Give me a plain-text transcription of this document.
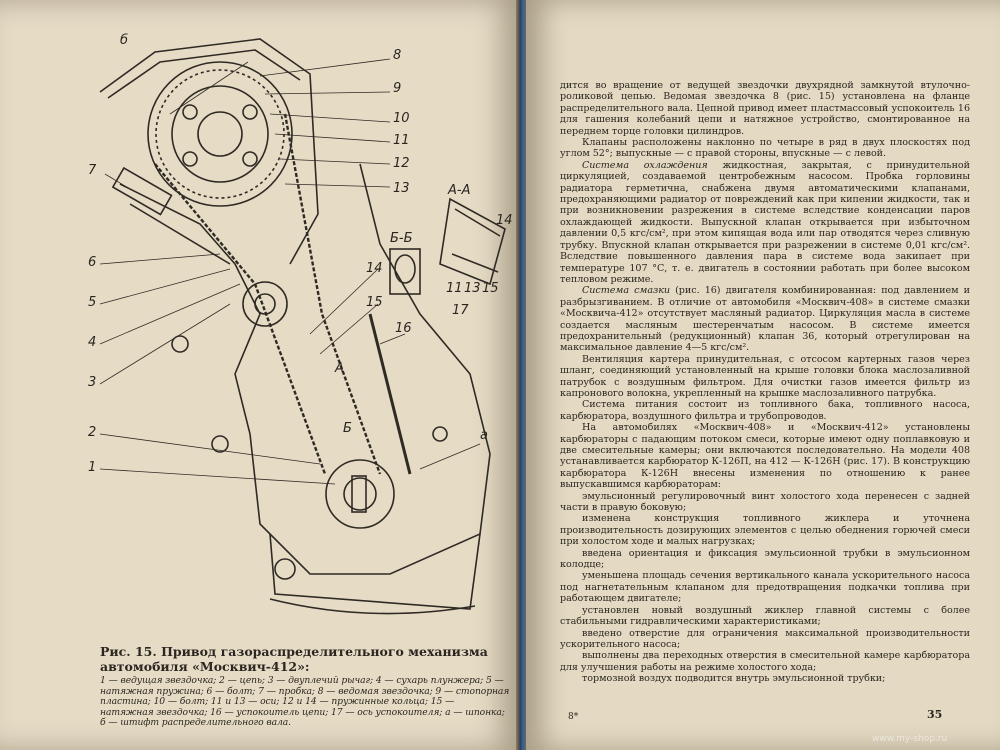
б
8
9
10
11
12
13
7
6
5
4
3
2
1
А-А
Б-Б
14
15
16
17
а
11 13 15
14
А
Б
Рис. 15. Привод газораспределительного механизма автомобиля «Москвич-412»:
1 — ведущая звездочка; 2 — цепь; 3 — двуплечий рычаг; 4 — сухарь плунжера; 5 — натяжная пружина; 6 — болт; 7 — пробка; 8 — ведомая звездочка; 9 — стопорная пластина; 10 — болт; 11 и 13 — оси; 12 и 14 — пружинные кольца; 15 — натяжная звездочка; 16 — успокоитель цепи; 17 — ось успокоителя; а — шпонка; б — штифт распределительного вала.

дится во вращение от ведущей звездочки двухрядной замкнутой втулочно-роликовой цепью. Ведомая звездочка 8 (рис. 15) установлена на фланце распределительного вала. Цепной привод имеет пластмассовый успокоитель 16 для гашения колебаний цепи и натяжное устройство, смонтированное на переднем торце головки цилиндров.

Клапаны расположены наклонно по четыре в ряд в двух плоскостях под углом 52°; выпускные — с правой стороны, впускные — с левой.

Система охлаждения жидкостная, закрытая, с принудительной циркуляцией, создаваемой центробежным насосом. Пробка горловины радиатора герметична, снабжена двумя автоматическими клапанами, предохраняющими радиатор от повреждений как при кипении жидкости, так и при возникновении разрежения в системе вследствие конденсации паров охлаждающей жидкости. Выпускной клапан открывается при избыточном давлении 0,5 кгс/см², при этом кипящая вода или пар отводятся через сливную трубку. Впускной клапан открывается при разрежении в системе 0,01 кгс/см². Вследствие повышенного давления пара в системе вода закипает при температуре 107 °С, т. е. двигатель в состоянии работать при более высоком тепловом режиме.

Система смазки (рис. 16) двигателя комбинированная: под давлением и разбрызгиванием. В отличие от автомобиля «Москвич-408» в системе смазки «Москвича-412» отсутствует масляный радиатор. Циркуляция масла в системе создается масляным шестеренчатым насосом. В системе имеется предохранительный (редукционный) клапан 36, который отрегулирован на максимальное давление 4—5 кгс/см².

Вентиляция картера принудительная, с отсосом картерных газов через шланг, соединяющий установленный на крыше головки блока маслозаливной патрубок с воздушным фильтром. Для очистки газов имеется фильтр из капронового волокна, укрепленный на крышке маслозаливного патрубка.

Система питания состоит из топливного бака, топливного насоса, карбюратора, воздушного фильтра и трубопроводов.

На автомобилях «Москвич-408» и «Москвич-412» установлены карбюраторы с падающим потоком смеси, которые имеют одну поплавковую и две смесительные камеры; они включаются последовательно. На модели 408 устанавливается карбюратор К-126П, на 412 — К-126Н (рис. 17). В конструкцию карбюратора К-126Н внесены изменения по отношению к ранее выпускавшимся карбюраторам:

эмульсионный регулировочный винт холостого хода перенесен с задней части в правую боковую;

изменена конструкция топливного жиклера и уточнена производительность дозирующих элементов с целью обеднения горючей смеси при холостом ходе и малых нагрузках;

введена ориентация и фиксация эмульсионной трубки в эмульсионном колодце;

уменьшена площадь сечения вертикального канала ускорительного насоса под нагнетательным клапаном для предотвращения подкачки топлива при работающем двигателе;

установлен новый воздушный жиклер главной системы с более стабильными гидравлическими характеристиками;

введено отверстие для ограничения максимальной производительности ускорительного насоса;

выполнены два переходных отверстия в смесительной камере карбюратора для улучшения работы на режиме холостого хода;

тормозной воздух подводится внутрь эмульсионной трубки;

8*	35
www.my-shop.ru
